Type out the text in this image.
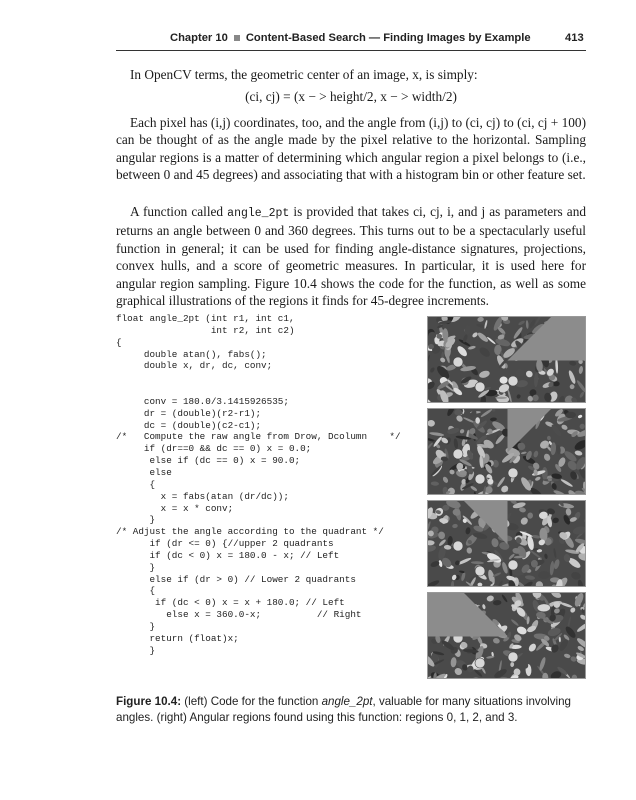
Chapter 10 Content-Based Search — Finding Images by Example	413
In OpenCV terms, the geometric center of an image, x, is simply:
(ci, cj) = (x − > height/2, x − > width/2)
Each pixel has (i,j) coordinates, too, and the angle from (i,j) to (ci, cj) to (ci, cj + 100) can be thought of as the angle made by the pixel relative to the horizontal. Sampling angular regions is a matter of determining which angular region a pixel belongs to (i.e., between 0 and 45 degrees) and associating that with a histogram bin or other feature set.
A function called angle_2pt is provided that takes ci, cj, i, and j as parameters and returns an angle between 0 and 360 degrees. This turns out to be a spectacularly useful function in general; it can be used for finding angle-distance signatures, projections, convex hulls, and a score of geometric measures. In particular, it is used here for angular region sampling. Figure 10.4 shows the code for the function, as well as some graphical illustrations of the regions it finds for 45-degree increments.
float angle_2pt (int r1, int c1,
int r2, int c2)
{
double atan(), fabs();
double x, dr, dc, conv;
conv = 180.0/3.1415926535;
dr = (double)(r2-r1);
dc = (double)(c2-c1);
/*   Compute the raw angle from Drow, Dcolumn    */
if (dr==0 && dc == 0) x = 0.0;
else if (dc == 0) x = 90.0;
else
{
x = fabs(atan (dr/dc));
x = x * conv;
}
/* Adjust the angle according to the quadrant */
if (dr <= 0) {//upper 2 quadrants
if (dc < 0) x = 180.0 - x; // Left
}
else if (dr > 0) // Lower 2 quadrants
{
if (dc < 0) x = x + 180.0; // Left
else x = 360.0-x;          // Right
}
return (float)x;
}
Figure 10.4: (left) Code for the function angle_2pt, valuable for many situations involving angles. (right) Angular regions found using this function: regions 0, 1, 2, and 3.
